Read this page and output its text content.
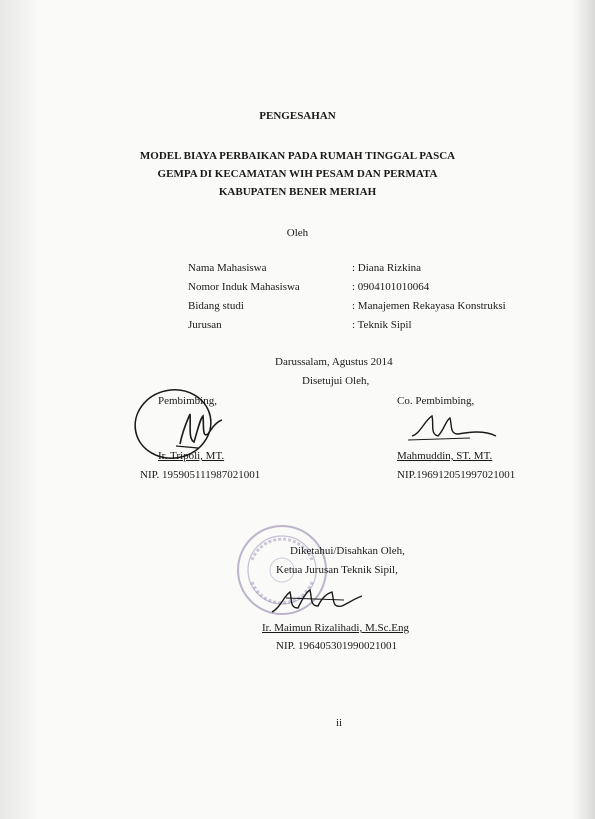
PENGESAHAN
MODEL BIAYA PERBAIKAN PADA RUMAH TINGGAL PASCA
GEMPA DI KECAMATAN WIH PESAM DAN PERMATA
KABUPATEN BENER MERIAH
Oleh
Nama Mahasiswa	: Diana Rizkina
Nomor Induk Mahasiswa	: 0904101010064
Bidang studi	: Manajemen Rekayasa Konstruksi
Jurusan	: Teknik Sipil
Darussalam, Agustus 2014
Disetujui Oleh,
Pembimbing,
Ir. Tripoli, MT.
NIP. 195905111987021001
Co. Pembimbing,
Mahmuddin, ST. MT.
NIP.196912051997021001
Diketahui/Disahkan Oleh,
Ketua Jurusan Teknik Sipil,
Ir. Maimun Rizalihadi, M.Sc.Eng
NIP. 196405301990021001
ii
